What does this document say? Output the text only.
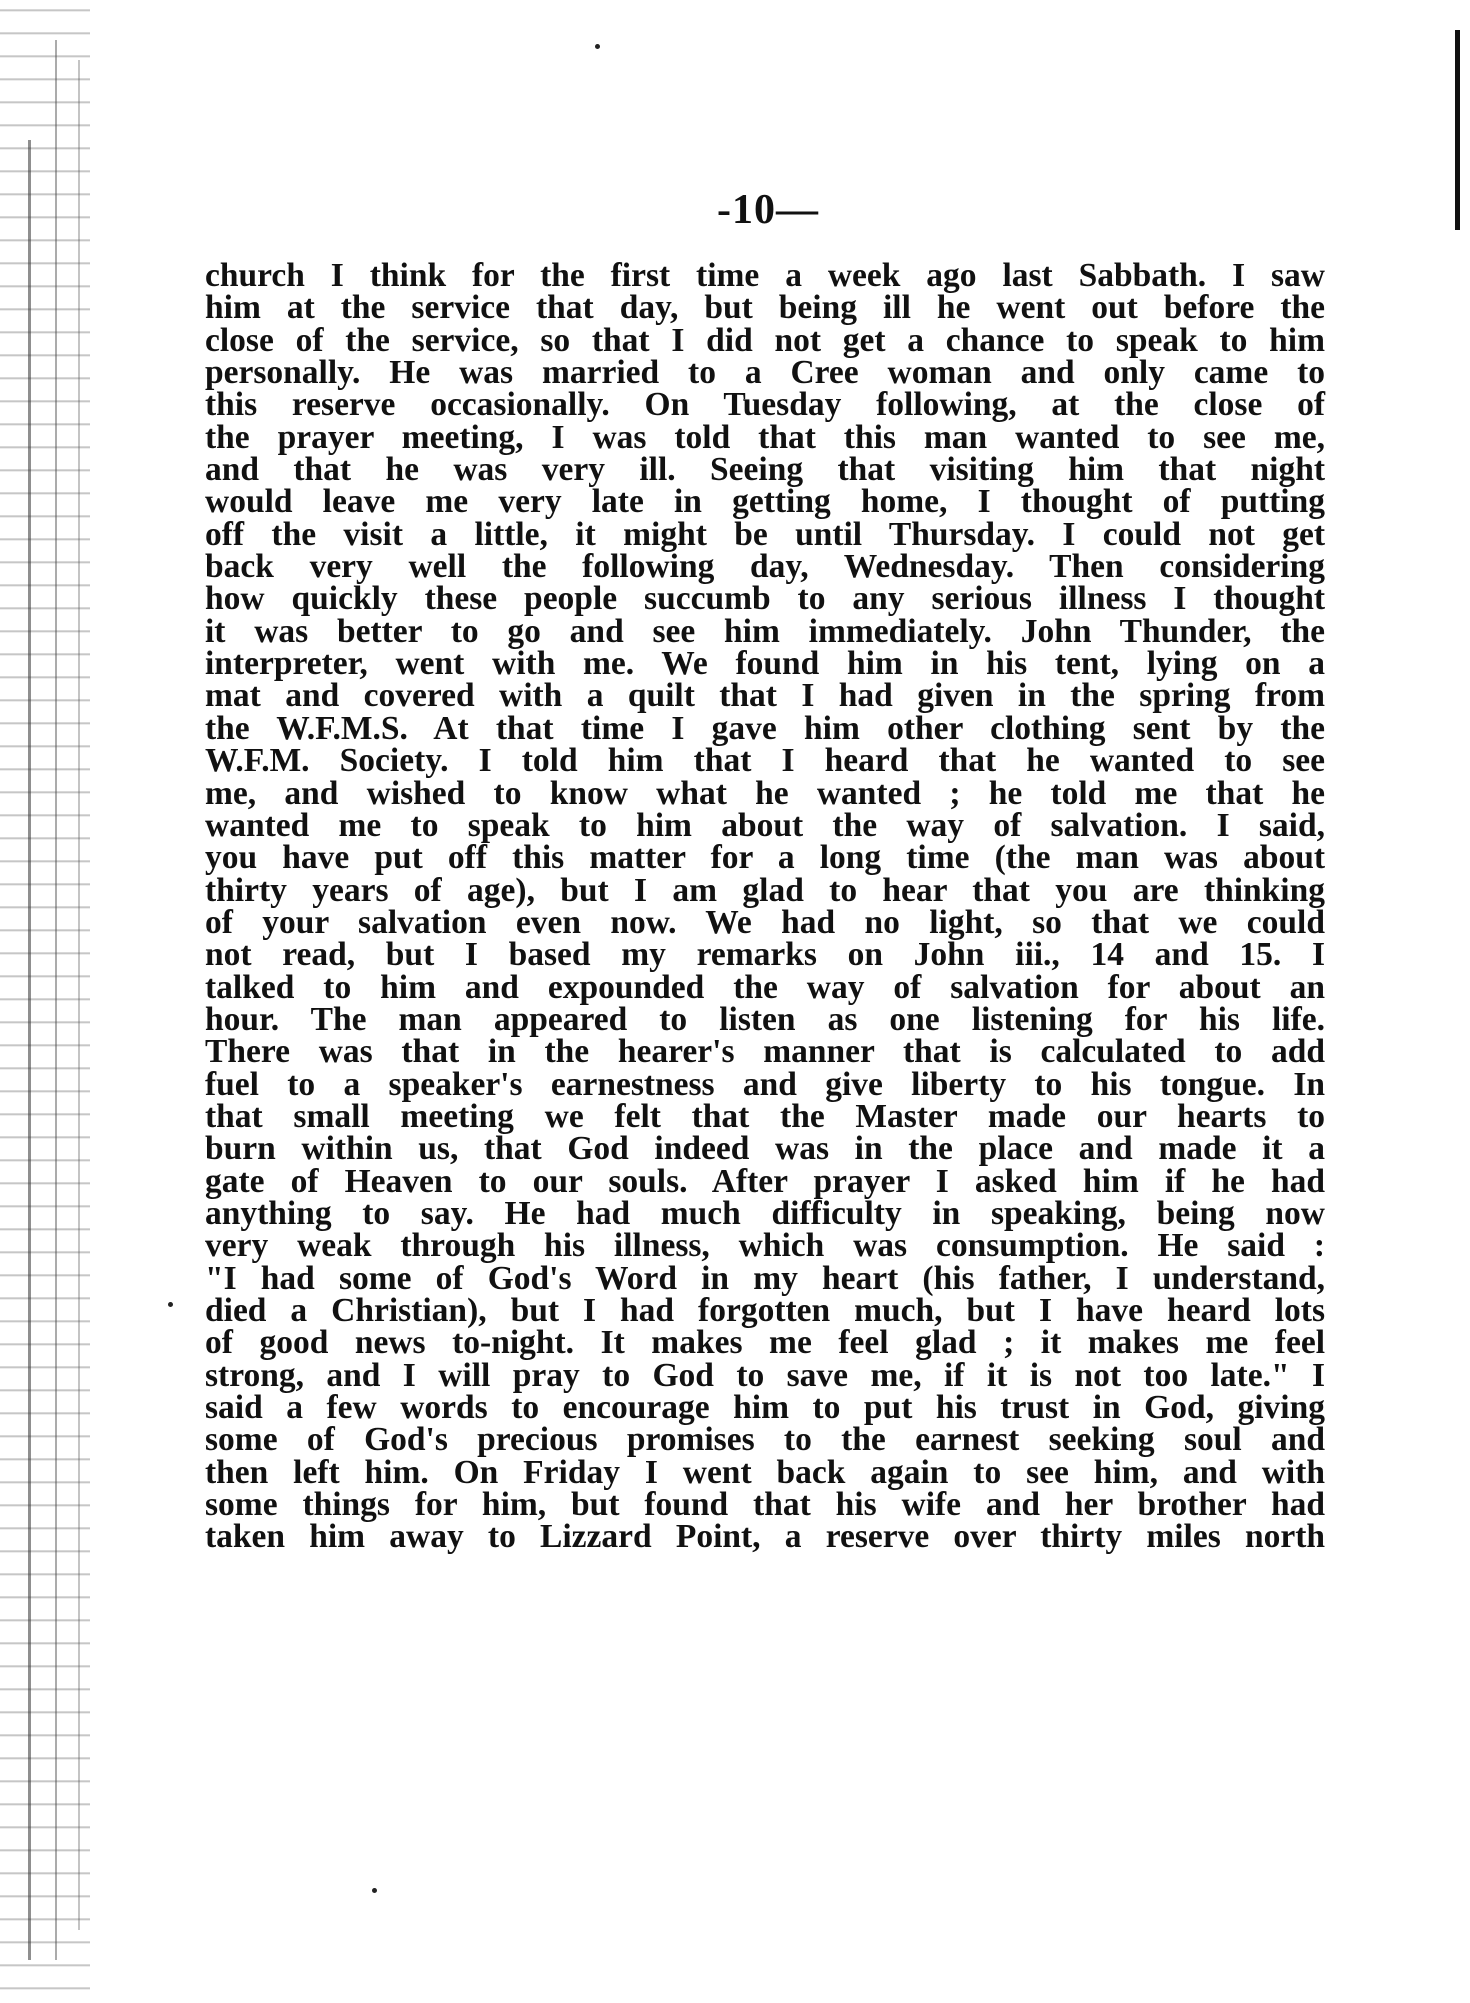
-10—
church I think for the first time a week ago last Sabbath. I saw
him at the service that day, but being ill he went out before the
close of the service, so that I did not get a chance to speak to him
personally. He was married to a Cree woman and only came to
this reserve occasionally. On Tuesday following, at the close of
the prayer meeting, I was told that this man wanted to see me,
and that he was very ill. Seeing that visiting him that night
would leave me very late in getting home, I thought of putting
off the visit a little, it might be until Thursday. I could not get
back very well the following day, Wednesday. Then considering
how quickly these people succumb to any serious illness I thought
it was better to go and see him immediately. John Thunder, the
interpreter, went with me. We found him in his tent, lying on a
mat and covered with a quilt that I had given in the spring from
the W.F.M.S. At that time I gave him other clothing sent by the
W.F.M. Society. I told him that I heard that he wanted to see
me, and wished to know what he wanted ; he told me that he
wanted me to speak to him about the way of salvation. I said,
you have put off this matter for a long time (the man was about
thirty years of age), but I am glad to hear that you are thinking
of your salvation even now. We had no light, so that we could
not read, but I based my remarks on John iii., 14 and 15. I
talked to him and expounded the way of salvation for about an
hour. The man appeared to listen as one listening for his life.
There was that in the hearer's manner that is calculated to add
fuel to a speaker's earnestness and give liberty to his tongue. In
that small meeting we felt that the Master made our hearts to
burn within us, that God indeed was in the place and made it a
gate of Heaven to our souls. After prayer I asked him if he had
anything to say. He had much difficulty in speaking, being now
very weak through his illness, which was consumption. He said :
"I had some of God's Word in my heart (his father, I understand,
died a Christian), but I had forgotten much, but I have heard lots
of good news to-night. It makes me feel glad ; it makes me feel
strong, and I will pray to God to save me, if it is not too late." I
said a few words to encourage him to put his trust in God, giving
some of God's precious promises to the earnest seeking soul and
then left him. On Friday I went back again to see him, and with
some things for him, but found that his wife and her brother had
taken him away to Lizzard Point, a reserve over thirty miles north
